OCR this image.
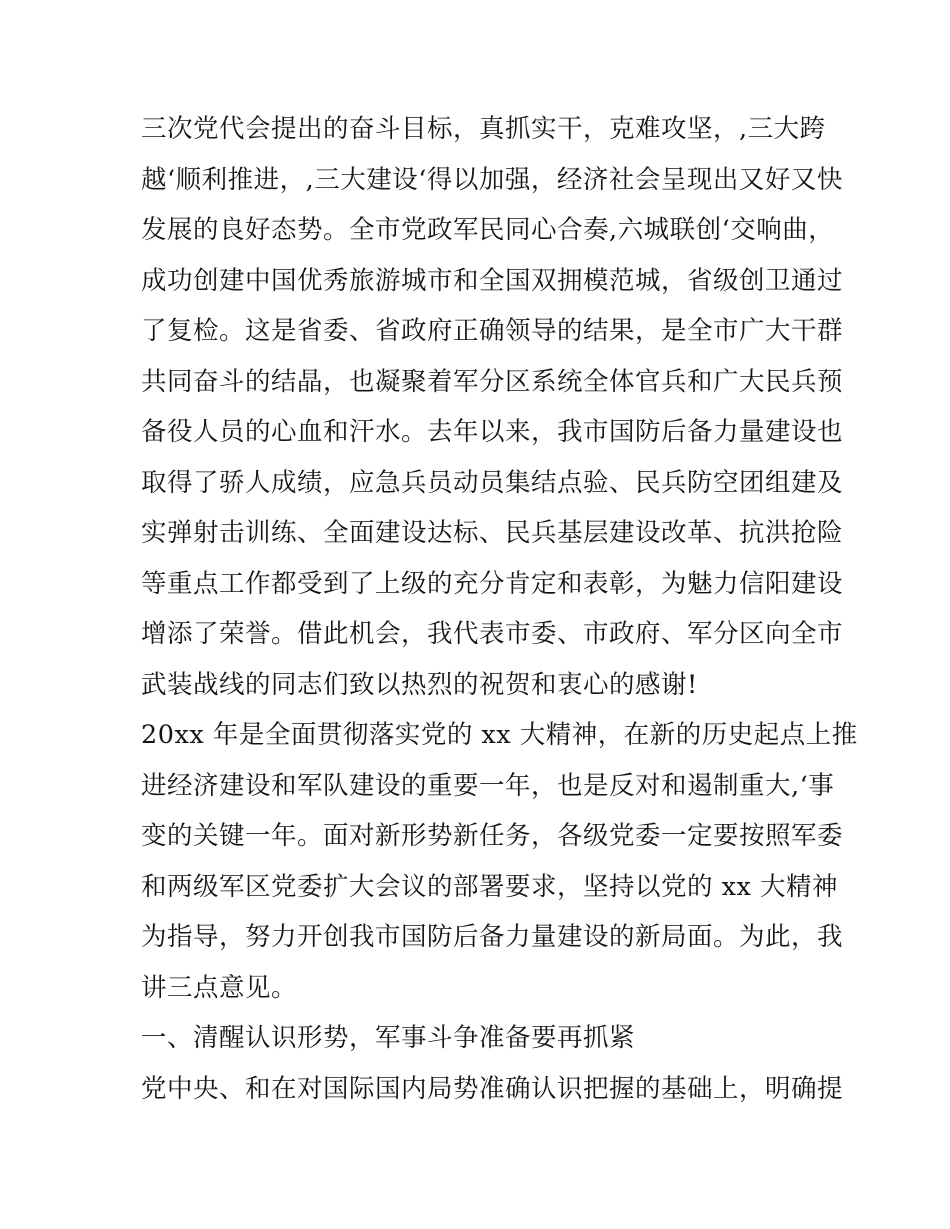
三次党代会提出的奋斗目标，真抓实干，克难攻坚，,三大跨
越‘顺利推进，,三大建设‘得以加强，经济社会呈现出又好又快
发展的良好态势。全市党政军民同心合奏,六城联创‘交响曲，
成功创建中国优秀旅游城市和全国双拥模范城，省级创卫通过
了复检。这是省委、省政府正确领导的结果，是全市广大干群
共同奋斗的结晶，也凝聚着军分区系统全体官兵和广大民兵预
备役人员的心血和汗水。去年以来，我市国防后备力量建设也
取得了骄人成绩，应急兵员动员集结点验、民兵防空团组建及
实弹射击训练、全面建设达标、民兵基层建设改革、抗洪抢险
等重点工作都受到了上级的充分肯定和表彰，为魅力信阳建设
增添了荣誉。借此机会，我代表市委、市政府、军分区向全市
武装战线的同志们致以热烈的祝贺和衷心的感谢!
20xx 年是全面贯彻落实党的 xx 大精神，在新的历史起点上推
进经济建设和军队建设的重要一年，也是反对和遏制重大,‘事
变的关键一年。面对新形势新任务，各级党委一定要按照军委
和两级军区党委扩大会议的部署要求，坚持以党的 xx 大精神
为指导，努力开创我市国防后备力量建设的新局面。为此，我
讲三点意见。
一、清醒认识形势，军事斗争准备要再抓紧
党中央、和在对国际国内局势准确认识把握的基础上，明确提
